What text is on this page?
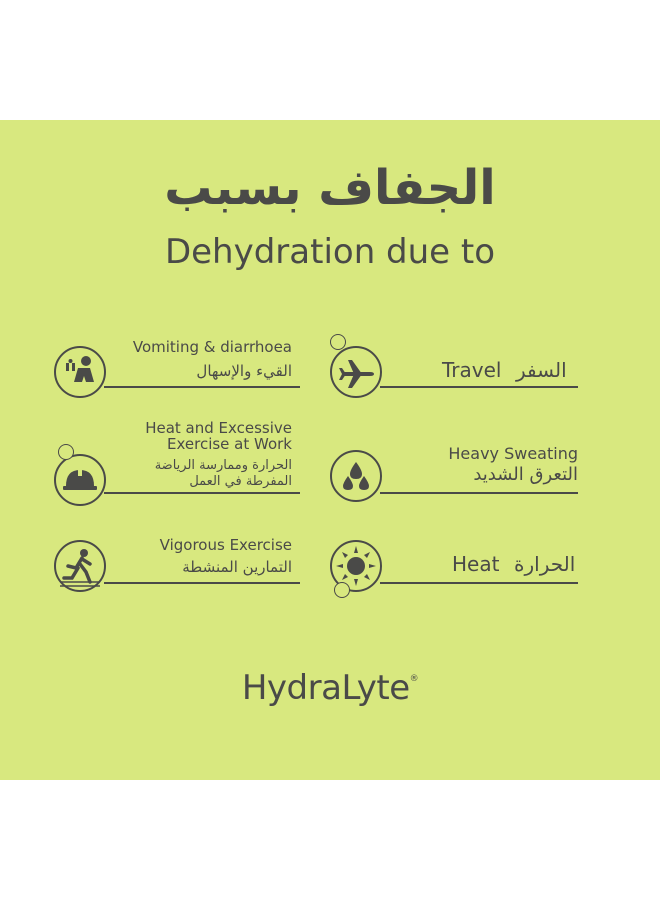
الجفاف بسبب
Dehydration due to
Vomiting & diarrhoea
القيء والإسهال
Heat and Excessive
Exercise at Work
الحرارة وممارسة الرياضة
المفرطة في العمل
Vigorous Exercise
التمارين المنشطة
Travel السفر
Heavy Sweating
التعرق الشديد
Heat الحرارة
HydraLyte®
